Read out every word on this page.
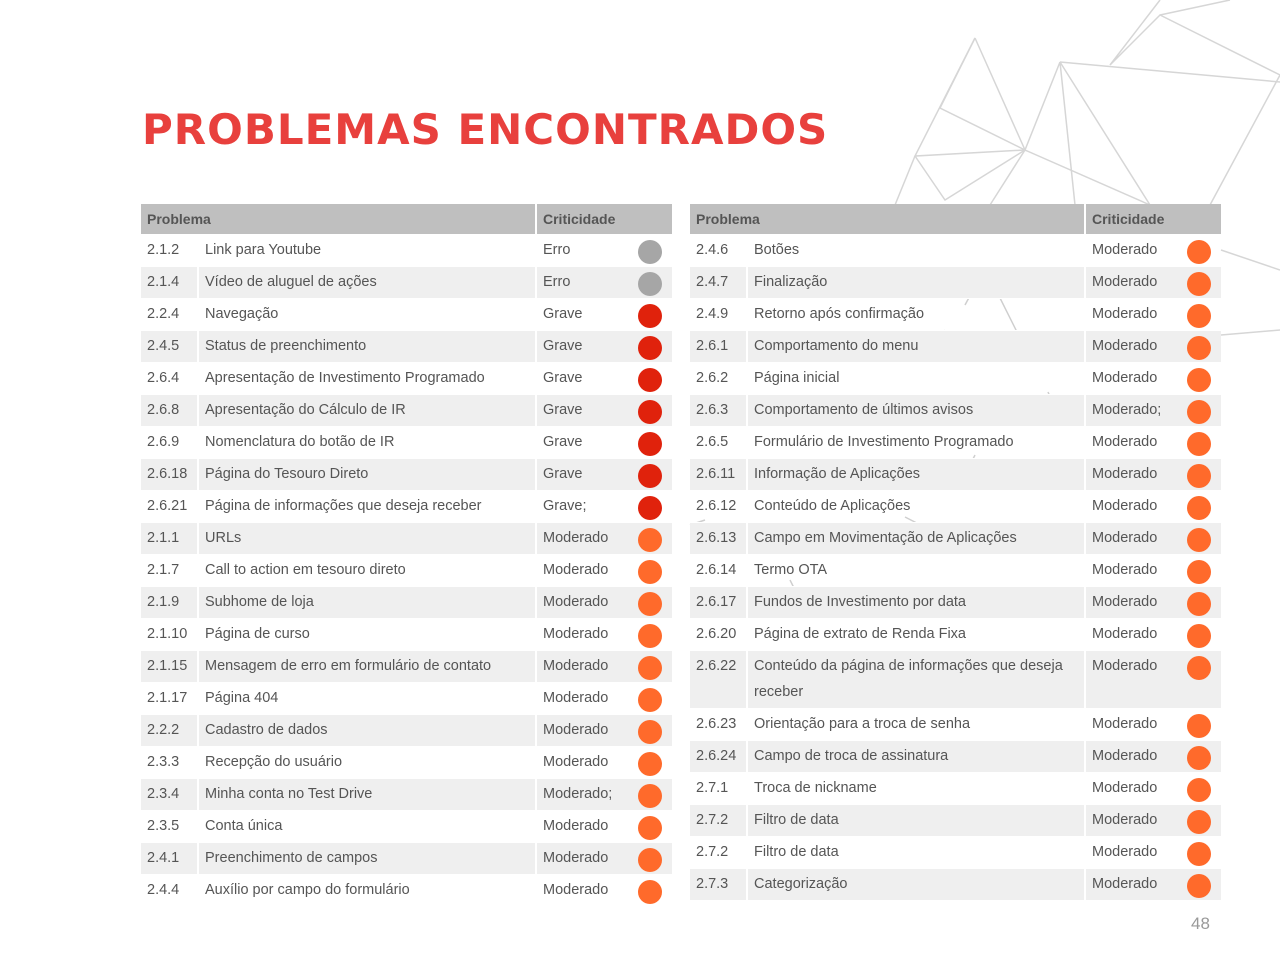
PROBLEMAS ENCONTRADOS
Problema		Criticidade
2.1.2	Link para Youtube	Erro

2.1.4	Vídeo de aluguel de ações	Erro

2.2.4	Navegação	Grave

2.4.5	Status de preenchimento	Grave

2.6.4	Apresentação de Investimento Programado	Grave

2.6.8	Apresentação do Cálculo de IR	Grave

2.6.9	Nomenclatura do botão de IR	Grave

2.6.18	Página do Tesouro Direto	Grave

2.6.21	Página de informações que deseja receber	Grave;

2.1.1	URLs	Moderado

2.1.7	Call to action em tesouro direto	Moderado

2.1.9	Subhome de loja	Moderado

2.1.10	Página de curso	Moderado

2.1.15	Mensagem de erro em formulário de contato	Moderado

2.1.17	Página 404	Moderado

2.2.2	Cadastro de dados	Moderado

2.3.3	Recepção do usuário	Moderado

2.3.4	Minha conta no Test Drive	Moderado;

2.3.5	Conta única	Moderado

2.4.1	Preenchimento de campos	Moderado

2.4.4	Auxílio por campo do formulário	Moderado
Problema		Criticidade
2.4.6	Botões	Moderado

2.4.7	Finalização	Moderado

2.4.9	Retorno após confirmação	Moderado

2.6.1	Comportamento do menu	Moderado

2.6.2	Página inicial	Moderado

2.6.3	Comportamento de últimos avisos	Moderado;

2.6.5	Formulário de Investimento Programado	Moderado

2.6.11	Informação de Aplicações	Moderado

2.6.12	Conteúdo de Aplicações	Moderado

2.6.13	Campo em Movimentação de Aplicações	Moderado

2.6.14	Termo OTA	Moderado

2.6.17	Fundos de Investimento por data	Moderado

2.6.20	Página de extrato de Renda Fixa	Moderado

2.6.22	Conteúdo da página de informações que deseja receber	Moderado

2.6.23	Orientação para a troca de senha	Moderado

2.6.24	Campo de troca de assinatura	Moderado

2.7.1	Troca de nickname	Moderado

2.7.2	Filtro de data	Moderado

2.7.2	Filtro de data	Moderado

2.7.3	Categorização	Moderado
48
